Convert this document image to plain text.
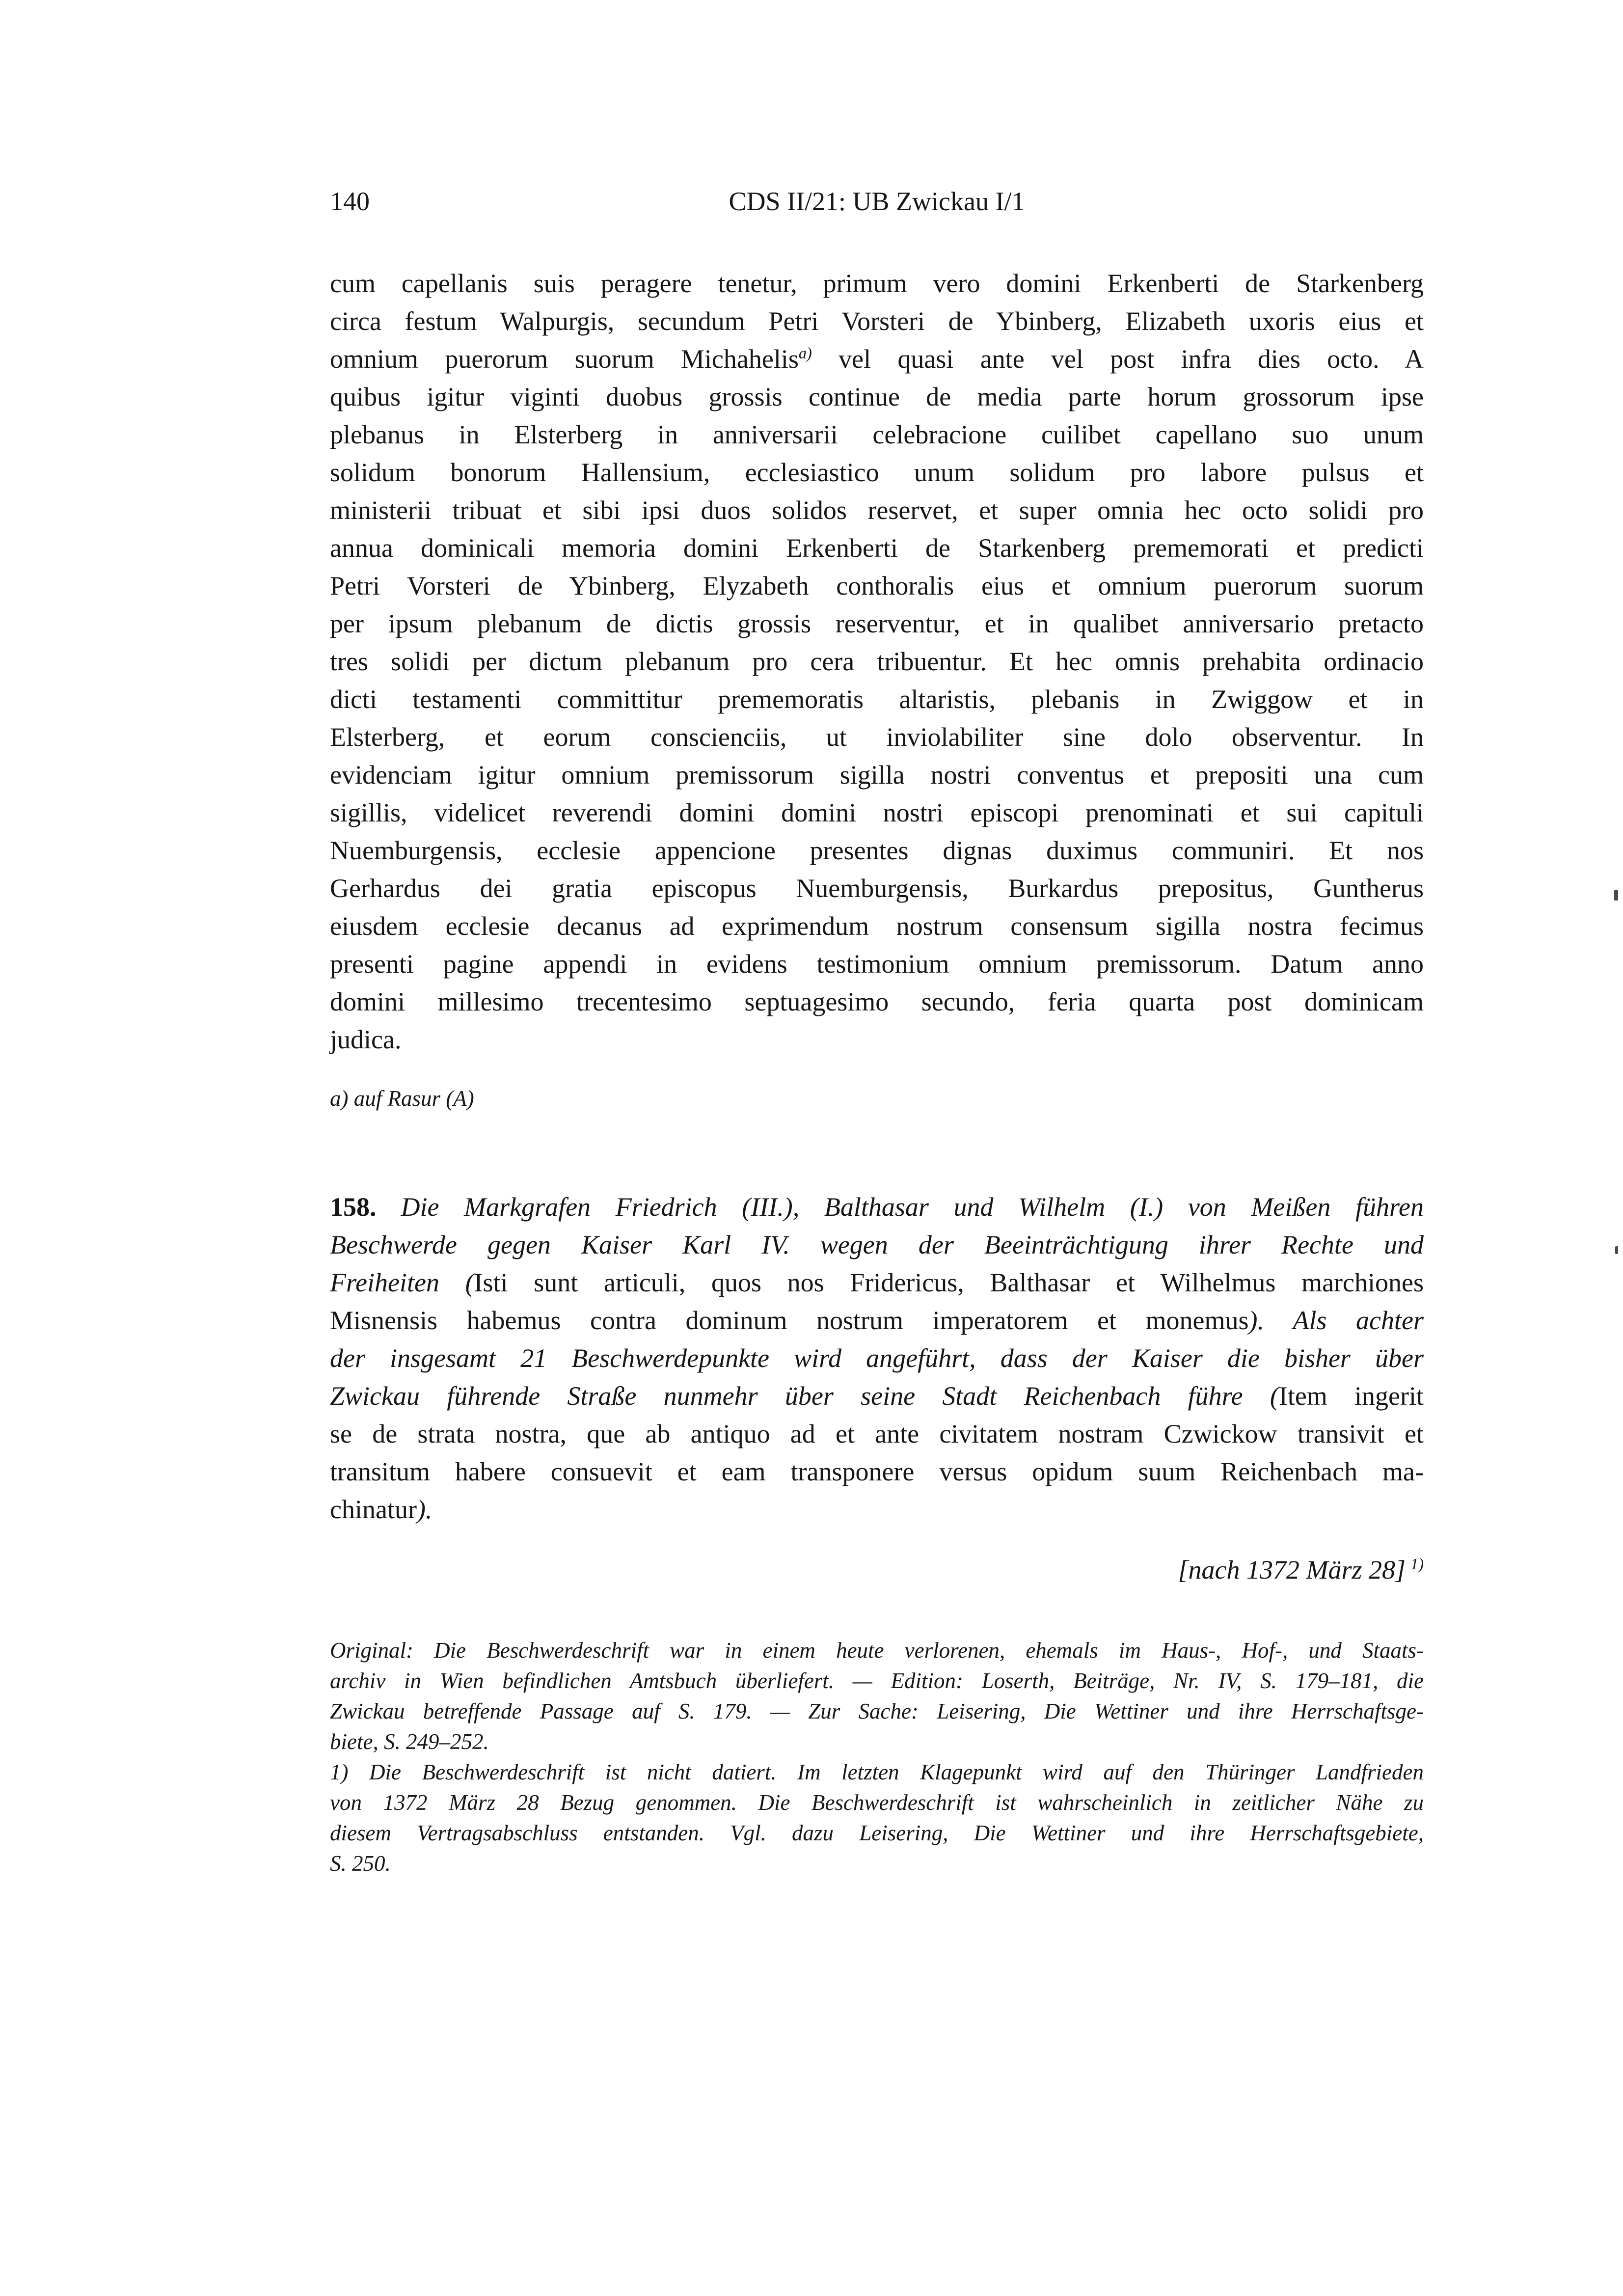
140	CDS II/21: UB Zwickau I/1
cum capellanis suis peragere tenetur, primum vero domini Erkenberti de Starkenberg
circa festum Walpurgis, secundum Petri Vorsteri de Ybinberg, Elizabeth uxoris eius et
omnium puerorum suorum Michahelis$^{a)}$ vel quasi ante vel post infra dies octo. A
quibus igitur viginti duobus grossis continue de media parte horum grossorum ipse
plebanus in Elsterberg in anniversarii celebracione cuilibet capellano suo unum
solidum bonorum Hallensium, ecclesiastico unum solidum pro labore pulsus et
ministerii tribuat et sibi ipsi duos solidos reservet, et super omnia hec octo solidi pro
annua dominicali memoria domini Erkenberti de Starkenberg prememorati et predicti
Petri Vorsteri de Ybinberg, Elyzabeth conthoralis eius et omnium puerorum suorum
per ipsum plebanum de dictis grossis reserventur, et in qualibet anniversario pretacto
tres solidi per dictum plebanum pro cera tribuentur. Et hec omnis prehabita ordinacio
dicti testamenti committitur prememoratis altaristis, plebanis in Zwiggow et in
Elsterberg, et eorum conscienciis, ut inviolabiliter sine dolo observentur. In
evidenciam igitur omnium premissorum sigilla nostri conventus et prepositi una cum
sigillis, videlicet reverendi domini domini nostri episcopi prenominati et sui capituli
Nuemburgensis, ecclesie appencione presentes dignas duximus communiri. Et nos
Gerhardus dei gratia episcopus Nuemburgensis, Burkardus prepositus, Guntherus
eiusdem ecclesie decanus ad exprimendum nostrum consensum sigilla nostra fecimus
presenti pagine appendi in evidens testimonium omnium premissorum. Datum anno
domini millesimo trecentesimo septuagesimo secundo, feria quarta post dominicam
judica.
a) auf Rasur (A)
158. Die Markgrafen Friedrich (III.), Balthasar und Wilhelm (I.) von Meißen führen
Beschwerde gegen Kaiser Karl IV. wegen der Beeinträchtigung ihrer Rechte und
Freiheiten (Isti sunt articuli, quos nos Fridericus, Balthasar et Wilhelmus marchiones
Misnensis habemus contra dominum nostrum imperatorem et monemus). Als achter
der insgesamt 21 Beschwerdepunkte wird angeführt, dass der Kaiser die bisher über
Zwickau führende Straße nunmehr über seine Stadt Reichenbach führe (Item ingerit
se de strata nostra, que ab antiquo ad et ante civitatem nostram Czwickow transivit et
transitum habere consuevit et eam transponere versus opidum suum Reichenbach ma-
chinatur).
[nach 1372 März 28] $^{1)}$
Original: Die Beschwerdeschrift war in einem heute verlorenen, ehemals im Haus-, Hof-, und Staats-
archiv in Wien befindlichen Amtsbuch überliefert. — Edition: Loserth, Beiträge, Nr. IV, S. 179–181, die
Zwickau betreffende Passage auf S. 179. — Zur Sache: Leisering, Die Wettiner und ihre Herrschaftsge-
biete, S. 249–252.
1) Die Beschwerdeschrift ist nicht datiert. Im letzten Klagepunkt wird auf den Thüringer Landfrieden
von 1372 März 28 Bezug genommen. Die Beschwerdeschrift ist wahrscheinlich in zeitlicher Nähe zu
diesem Vertragsabschluss entstanden. Vgl. dazu Leisering, Die Wettiner und ihre Herrschaftsgebiete,
S. 250.
